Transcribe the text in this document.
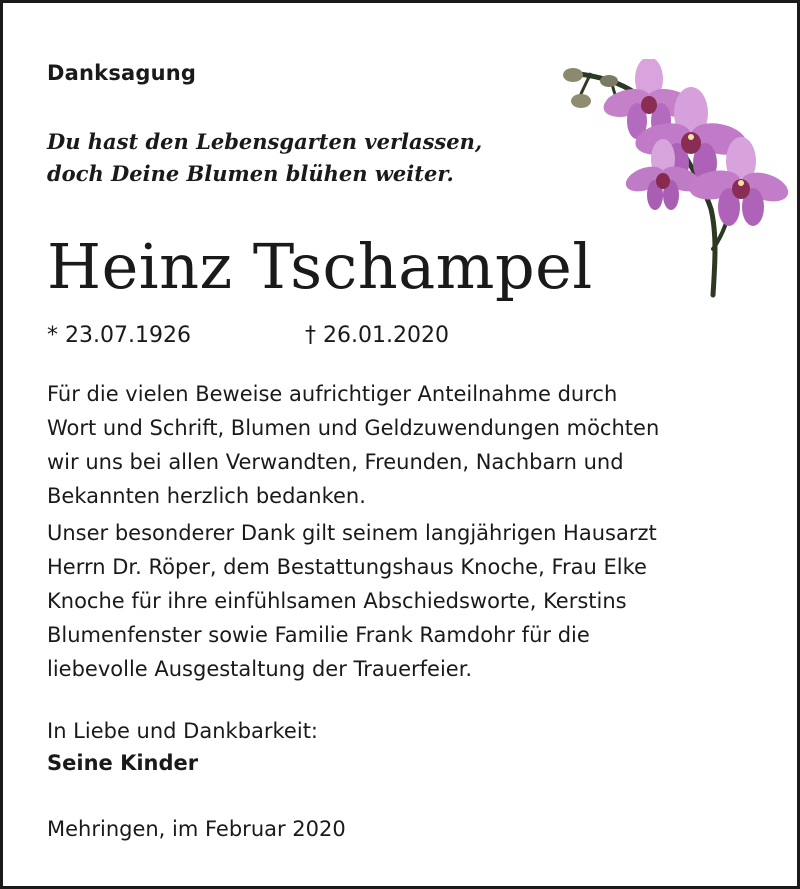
Danksagung
Du hast den Lebensgarten verlassen,
doch Deine Blumen blühen weiter.
Heinz Tschampel
* 23.07.1926	† 26.01.2020
Für die vielen Beweise aufrichtiger Anteilnahme durch
Wort und Schrift, Blumen und Geldzuwendungen möchten
wir uns bei allen Verwandten, Freunden, Nachbarn und
Bekannten herzlich bedanken.
Unser besonderer Dank gilt seinem langjährigen Hausarzt
Herrn Dr. Röper, dem Bestattungshaus Knoche, Frau Elke
Knoche für ihre einfühlsamen Abschiedsworte, Kerstins
Blumenfenster sowie Familie Frank Ramdohr für die
liebevolle Ausgestaltung der Trauerfeier.
In Liebe und Dankbarkeit:
Seine Kinder
Mehringen, im Februar 2020
